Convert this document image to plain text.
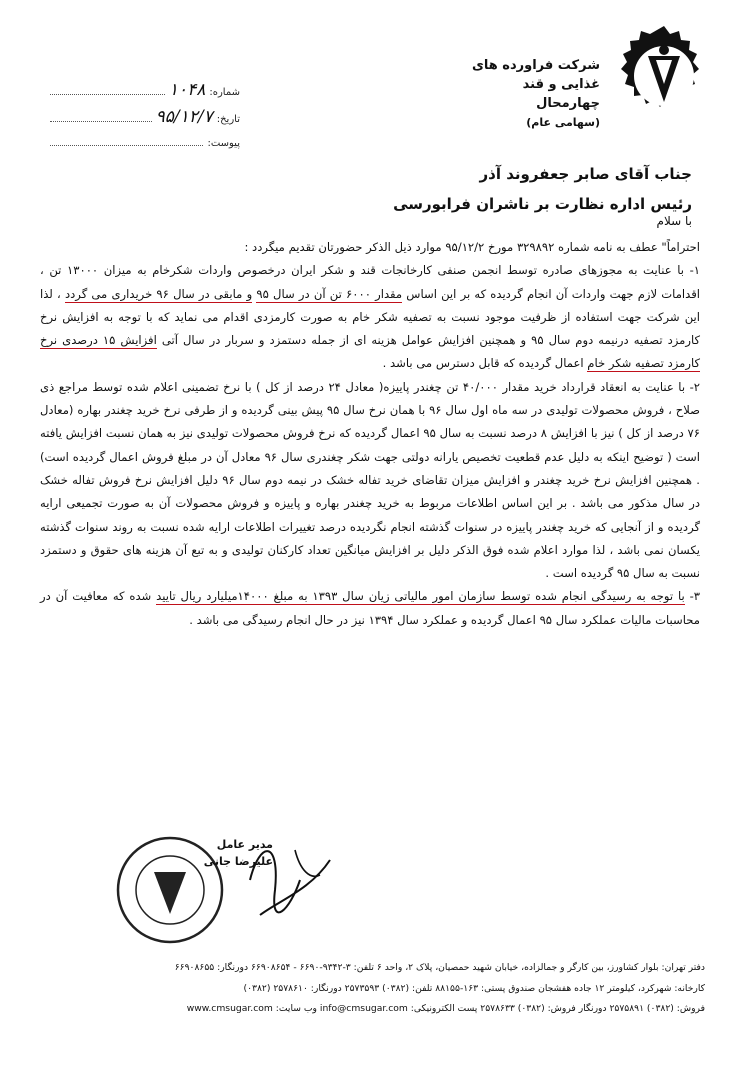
شرکت فراورده های
غذایی و قند
چهارمحال
(سهامی عام)
شماره:
۱۰۴۸
تاریخ:
۹۵/۱۲/۷
پیوست:
جناب آقای صابر جعفروند آذر
رئیس اداره نظارت بر ناشران فرابورسی
با سلام

احتراماً" عطف به نامه شماره ۳۲۹۸۹۲ مورخ ۹۵/۱۲/۲ موارد ذیل الذکر حضورتان تقدیم میگردد :

۱- با عنایت به مجوزهای صادره توسط انجمن صنفی کارخانجات قند و شکر ایران درخصوص واردات شکرخام به میزان ۱۳۰۰۰ تن ، اقدامات لازم جهت واردات آن انجام گردیده که بر این اساس مقدار ۶۰۰۰ تن آن در سال ۹۵ و مابقی در سال ۹۶ خریداری می گردد ، لذا این شرکت جهت استفاده از ظرفیت موجود نسبت به تصفیه شکر خام به صورت کارمزدی اقدام می نماید که با توجه به افزایش نرخ کارمزد تصفیه درنیمه دوم سال ۹۵ و همچنین افزایش عوامل هزینه ای از جمله دستمزد و سربار در سال آتی افزایش ۱۵ درصدی نرخ کارمزد تصفیه شکر خام اعمال گردیده که قابل دسترس می باشد .

۲- با عنایت به انعقاد قرارداد خرید مقدار ۴۰/۰۰۰ تن چغندر پاییزه( معادل ۲۴ درصد از کل ) با نرخ تضمینی اعلام شده توسط مراجع ذی صلاح ، فروش محصولات تولیدی در سه ماه اول سال ۹۶ با همان نرخ سال ۹۵ پیش بینی گردیده و از طرفی نرخ خرید چغندر بهاره (معادل ۷۶ درصد از کل ) نیز با افزایش ۸ درصد نسبت به سال ۹۵ اعمال گردیده که نرخ فروش محصولات تولیدی نیز به همان نسبت افزایش یافته است ( توضیح اینکه به دلیل عدم قطعیت تخصیص یارانه دولتی جهت شکر چغندری سال ۹۶ معادل آن در مبلغ فروش اعمال گردیده است) . همچنین افزایش نرخ خرید چغندر و افزایش میزان تقاضای خرید تفاله خشک در نیمه دوم سال ۹۶ دلیل افزایش نرخ فروش تفاله خشک در سال مذکور می باشد . بر این اساس اطلاعات مربوط به خرید چغندر بهاره و پاییزه و فروش محصولات آن به صورت تجمیعی ارایه گردیده و از آنجایی که خرید چغندر پاییزه در سنوات گذشته انجام نگردیده درصد تغییرات اطلاعات ارایه شده نسبت به روند سنوات گذشته یکسان نمی باشد ، لذا موارد اعلام شده فوق الذکر دلیل بر افزایش میانگین تعداد کارکنان تولیدی و به تبع آن هزینه های حقوق و دستمزد نسبت به سال ۹۵ گردیده است .

۳- با توجه به رسیدگی انجام شده توسط سازمان امور مالیاتی زیان سال ۱۳۹۳ به مبلغ ۱۴۰۰۰میلیارد ریال تایید شده که معافیت آن در محاسبات مالیات عملکرد سال ۹۵ اعمال گردیده و عملکرد سال ۱۳۹۴ نیز در حال انجام رسیدگی می باشد .

مدیر عامل
علیرضا جانی
دفتر تهران: بلوار کشاورز، بین کارگر و جمالزاده، خیابان شهید حمصیان، پلاک ۲، واحد ۶ تلفن: ۳-۹۳۴۲-۶۶۹۰ - ۶۶۹۰۸۶۵۴ دورنگار: ۶۶۹۰۸۶۵۵
کارخانه: شهرکرد، کیلومتر ۱۲ جاده هفشجان صندوق پستی: ۱۶۳-۸۸۱۵۵ تلفن: (۰۳۸۲) ۲۵۷۳۵۹۳ دورنگار: ۲۵۷۸۶۱۰ (۰۳۸۲)
فروش: (۰۳۸۲) ۲۵۷۵۸۹۱ دورنگار فروش: (۰۳۸۲) ۲۵۷۸۶۳۳ پست الکترونیکی: info@cmsugar.com وب سایت: www.cmsugar.com
